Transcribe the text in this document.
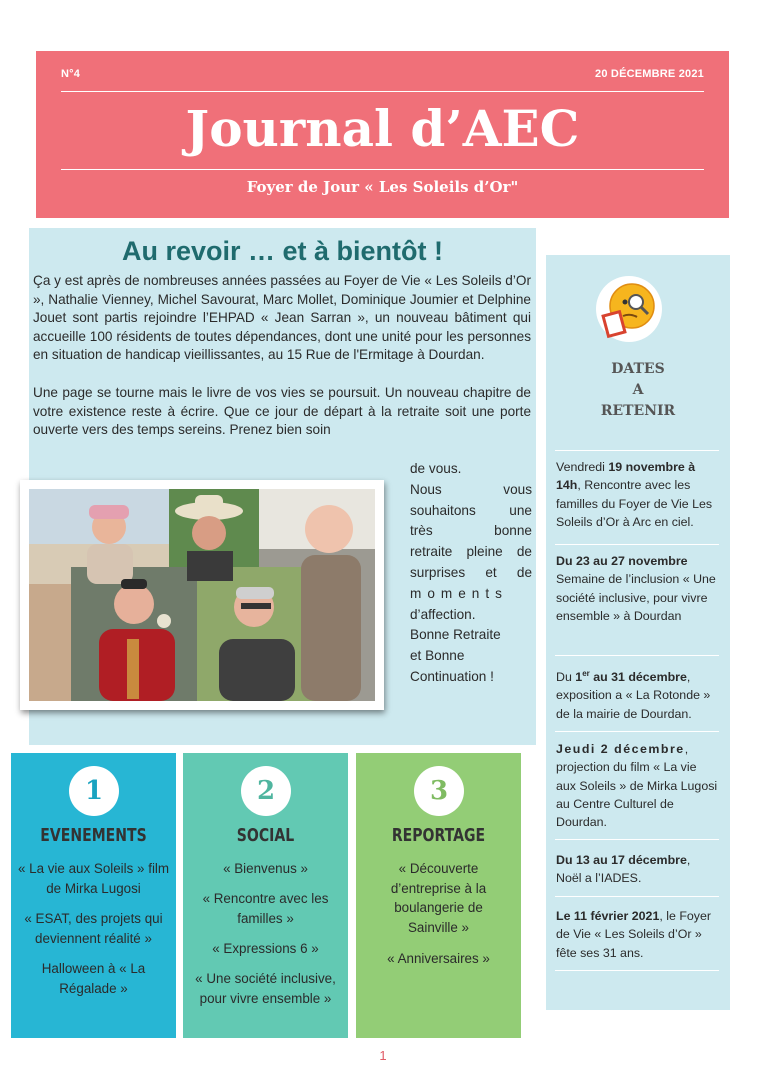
N°4	20 DÉCEMBRE 2021
Journal d’AEC
Foyer de Jour « Les Soleils d’Or"
Au revoir … et à bientôt !

Ça y est après de nombreuses années passées au Foyer de Vie « Les Soleils d’Or », Nathalie Vienney, Michel Savourat, Marc Mollet, Dominique Joumier et Delphine Jouet sont partis rejoindre l’EHPAD « Jean Sarran », un nouveau bâtiment qui accueille 100 résidents de toutes dépendances, dont une unité pour les personnes en situation de handicap vieillissantes, au 15 Rue de l'Ermitage à Dourdan.

Une page se tourne mais le livre de vos vies se poursuit. Un nouveau chapitre de votre existence reste à écrire. Que ce jour de départ à la retraite soit une porte ouverte vers des temps sereins. Prenez bien soin

de vous.
Nous vous
souhaitons une
très bonne
retraite pleine de
surprises et de
moments
d’affection.
Bonne Retraite
et Bonne
Continuation !
DATES
A
RETENIR

Vendredi 19 novembre à 14h, Rencontre avec les familles du Foyer de Vie Les Soleils d’Or à Arc en ciel.

Du 23 au 27 novembre Semaine de l’inclusion « Une société inclusive, pour vivre ensemble » à Dourdan

Du 1er au 31 décembre, exposition a « La Rotonde » de la mairie de Dourdan.

Jeudi 2 décembre, projection du film « La vie aux Soleils » de Mirka Lugosi au Centre Culturel de Dourdan.

Du 13 au 17 décembre, Noël a l’IADES.

Le 11 février 2021, le Foyer de Vie « Les Soleils d’Or » fête ses 31 ans.

1
EVENEMENTS

« La vie aux Soleils » film de Mirka Lugosi

« ESAT, des projets qui deviennent réalité »

Halloween à « La Régalade »

2
SOCIAL

« Bienvenus »

« Rencontre avec les familles »

« Expressions 6 »

« Une société inclusive, pour vivre ensemble »

3
REPORTAGE

« Découverte d’entreprise à la boulangerie de Sainville »

« Anniversaires »

1
